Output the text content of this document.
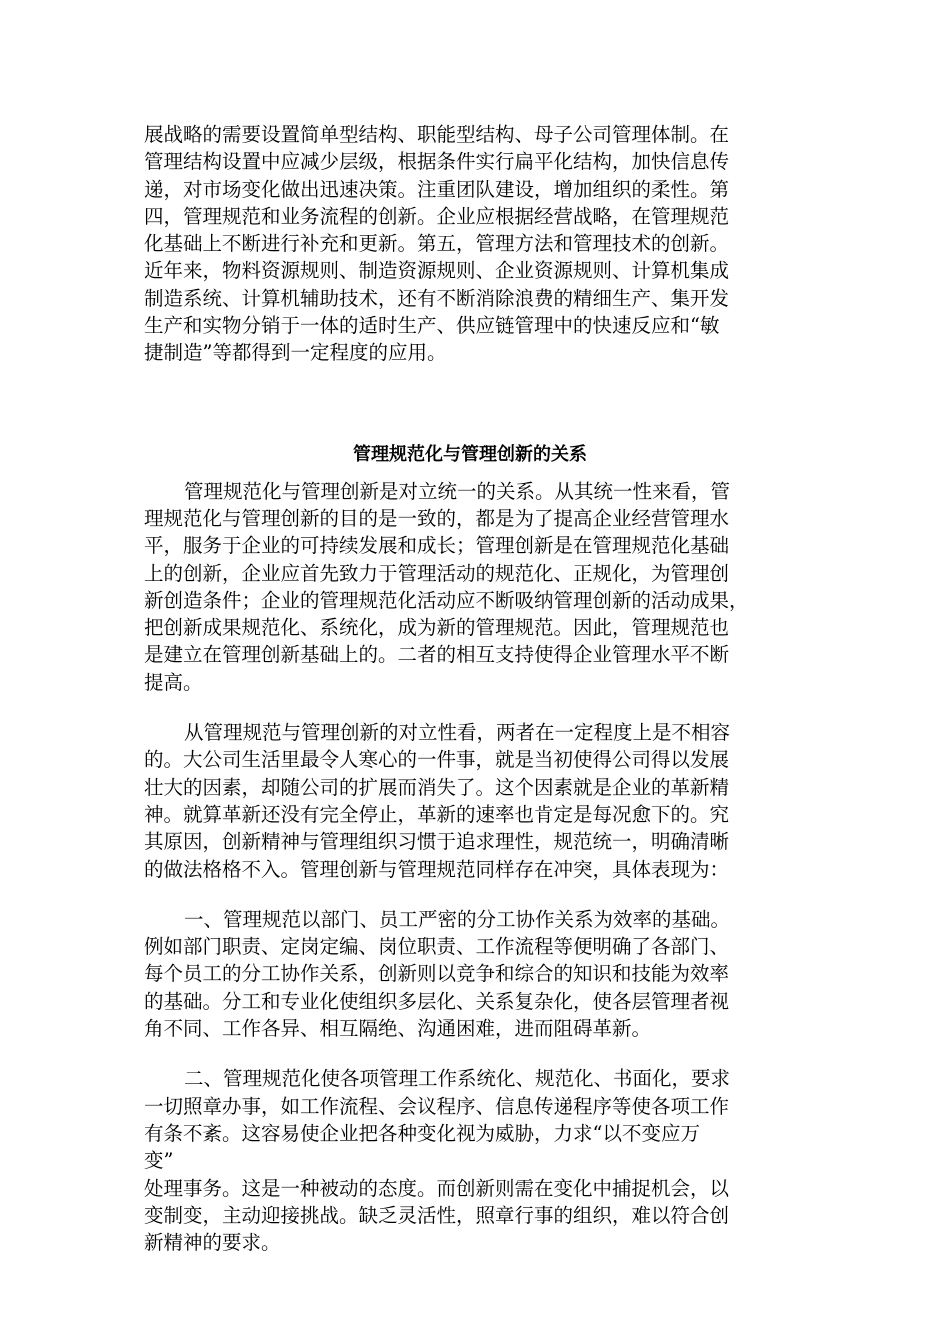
展战略的需要设置简单型结构、职能型结构、母子公司管理体制。在
管理结构设置中应减少层级，根据条件实行扁平化结构，加快信息传
递，对市场变化做出迅速决策。注重团队建设，增加组织的柔性。第
四，管理规范和业务流程的创新。企业应根据经营战略，在管理规范
化基础上不断进行补充和更新。第五，管理方法和管理技术的创新。
近年来，物料资源规则、制造资源规则、企业资源规则、计算机集成
制造系统、计算机辅助技术，还有不断消除浪费的精细生产、集开发
生产和实物分销于一体的适时生产、供应链管理中的快速反应和“敏
捷制造”等都得到一定程度的应用。
管理规范化与管理创新的关系
管理规范化与管理创新是对立统一的关系。从其统一性来看，管
理规范化与管理创新的目的是一致的，都是为了提高企业经营管理水
平，服务于企业的可持续发展和成长；管理创新是在管理规范化基础
上的创新，企业应首先致力于管理活动的规范化、正规化，为管理创
新创造条件；企业的管理规范化活动应不断吸纳管理创新的活动成果，
把创新成果规范化、系统化，成为新的管理规范。因此，管理规范也
是建立在管理创新基础上的。二者的相互支持使得企业管理水平不断
提高。
从管理规范与管理创新的对立性看，两者在一定程度上是不相容
的。大公司生活里最令人寒心的一件事，就是当初使得公司得以发展
壮大的因素，却随公司的扩展而消失了。这个因素就是企业的革新精
神。就算革新还没有完全停止，革新的速率也肯定是每况愈下的。究
其原因，创新精神与管理组织习惯于追求理性，规范统一，明确清晰
的做法格格不入。管理创新与管理规范同样存在冲突，具体表现为：
一、管理规范以部门、员工严密的分工协作关系为效率的基础。
例如部门职责、定岗定编、岗位职责、工作流程等便明确了各部门、
每个员工的分工协作关系，创新则以竞争和综合的知识和技能为效率
的基础。分工和专业化使组织多层化、关系复杂化，使各层管理者视
角不同、工作各异、相互隔绝、沟通困难，进而阻碍革新。
二、管理规范化使各项管理工作系统化、规范化、书面化，要求
一切照章办事，如工作流程、会议程序、信息传递程序等使各项工作
有条不紊。这容易使企业把各种变化视为威胁，力求“以不变应万
变”
处理事务。这是一种被动的态度。而创新则需在变化中捕捉机会，以
变制变，主动迎接挑战。缺乏灵活性，照章行事的组织，难以符合创
新精神的要求。
